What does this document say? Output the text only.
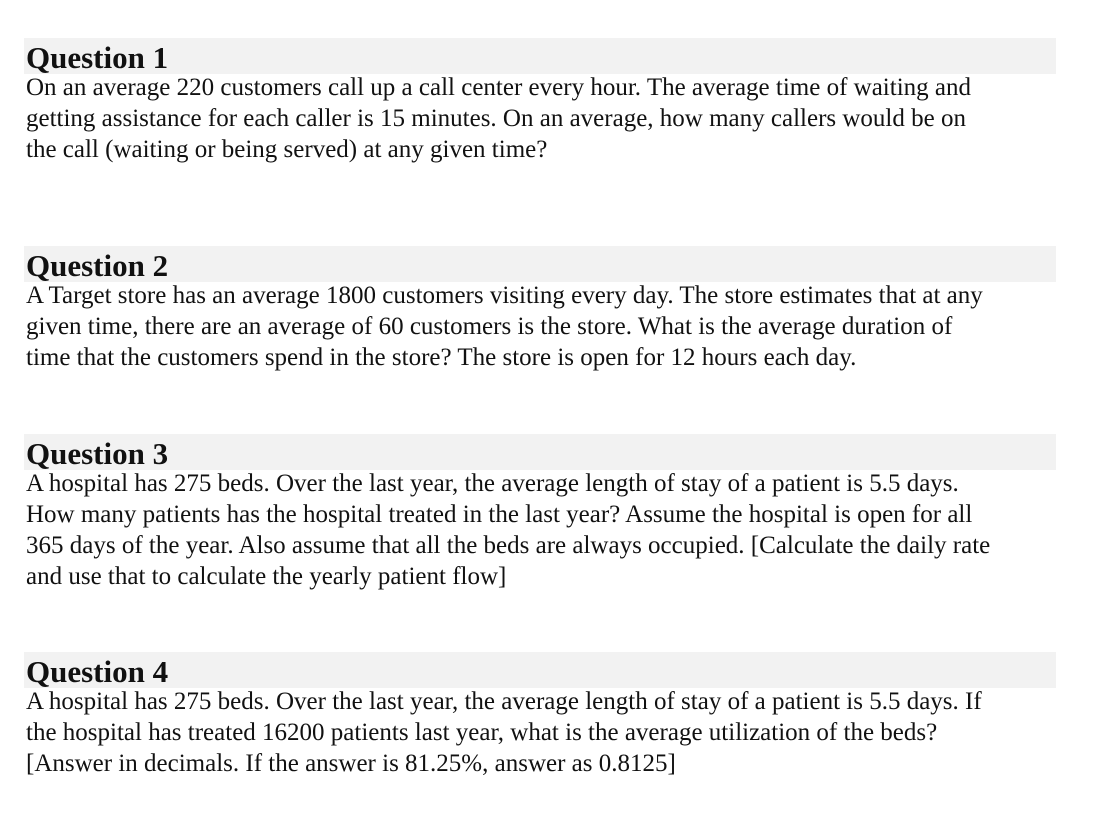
Question 1
On an average 220 customers call up a call center every hour. The average time of waiting and
getting assistance for each caller is 15 minutes. On an average, how many callers would be on
the call (waiting or being served) at any given time?
Question 2
A Target store has an average 1800 customers visiting every day. The store estimates that at any
given time, there are an average of 60 customers is the store. What is the average duration of
time that the customers spend in the store? The store is open for 12 hours each day.
Question 3
A hospital has 275 beds. Over the last year, the average length of stay of a patient is 5.5 days.
How many patients has the hospital treated in the last year? Assume the hospital is open for all
365 days of the year. Also assume that all the beds are always occupied. [Calculate the daily rate
and use that to calculate the yearly patient flow]
Question 4
A hospital has 275 beds. Over the last year, the average length of stay of a patient is 5.5 days. If
the hospital has treated 16200 patients last year, what is the average utilization of the beds?
[Answer in decimals. If the answer is 81.25%, answer as 0.8125]
